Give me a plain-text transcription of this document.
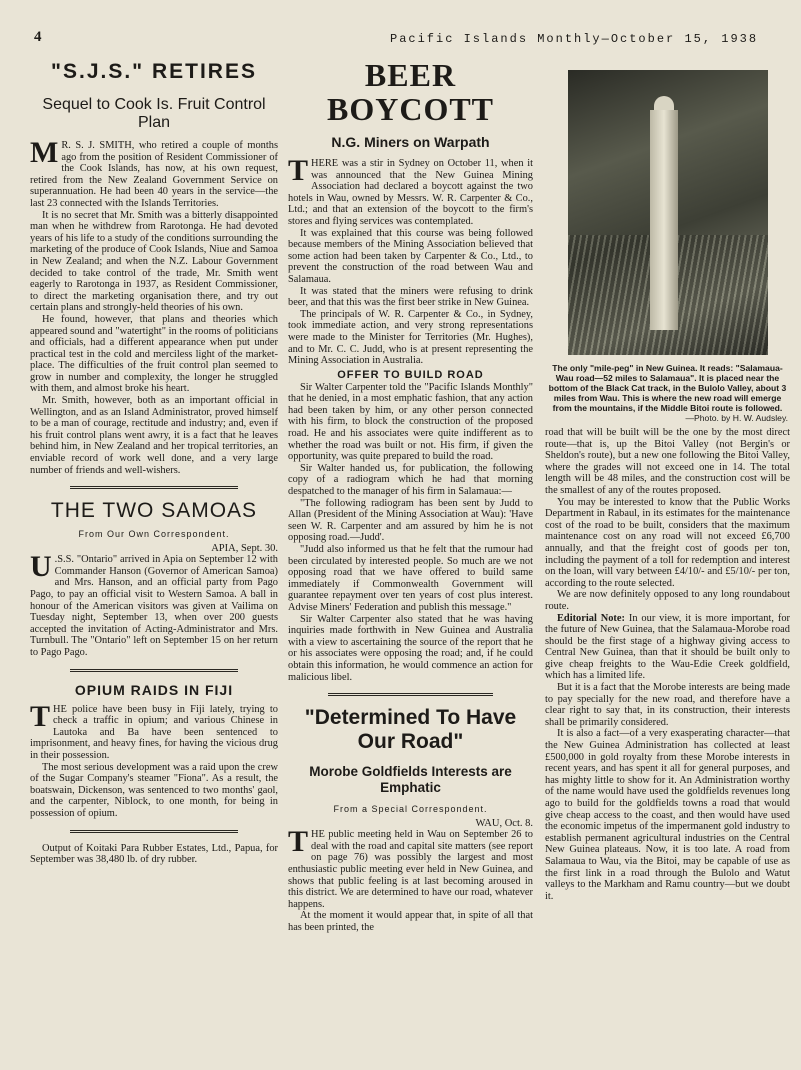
4	Pacific Islands Monthly—October 15, 1938
"S.J.S." RETIRES
Sequel to Cook Is. Fruit Control Plan

M R. S. J. SMITH, who retired a couple of months ago from the position of Resident Commissioner of the Cook Islands, has now, at his own request, retired from the New Zealand Government Service on superannuation. He had been 40 years in the service—the last 23 connected with the Islands Territories.

It is no secret that Mr. Smith was a bitterly disappointed man when he withdrew from Rarotonga. He had devoted years of his life to a study of the conditions surrounding the marketing of the produce of Cook Islands, Niue and Samoa in New Zealand; and when the N.Z. Labour Government decided to take control of the trade, Mr. Smith went eagerly to Rarotonga in 1937, as Resident Commissioner, to direct the marketing organisation there, and try out certain plans and strongly-held theories of his own.

He found, however, that plans and theories which appeared sound and "watertight" in the rooms of politicians and officials, had a different appearance when put under practical test in the cold and merciless light of the market-place. The difficulties of the fruit control plan seemed to grow in number and complexity, the longer he struggled with them, and almost broke his heart.

Mr. Smith, however, both as an important official in Wellington, and as an Island Administrator, proved himself to be a man of courage, rectitude and industry; and, even if his fruit control plans went awry, it is a fact that he leaves behind him, in New Zealand and her tropical territories, an enviable record of work well done, and a very large number of friends and well-wishers.

THE TWO SAMOAS
From Our Own Correspondent.
APIA, Sept. 30.

U .S.S. "Ontario" arrived in Apia on September 12 with Commander Hanson (Governor of American Samoa) and Mrs. Hanson, and an official party from Pago Pago, to pay an official visit to Western Samoa. A ball in honour of the American visitors was given at Vailima on Tuesday night, September 13, when over 200 guests accepted the invitation of Acting-Administrator and Mrs. Turnbull. The "Ontario" left on September 15 on her return to Pago Pago.

OPIUM RAIDS IN FIJI

THE police have been busy in Fiji lately, trying to check a traffic in opium; and various Chinese in Lautoka and Ba have been sentenced to imprisonment, and heavy fines, for having the vicious drug in their possession.

The most serious development was a raid upon the crew of the Sugar Company's steamer "Fiona". As a result, the boatswain, Dickenson, was sentenced to two months' gaol, and the carpenter, Niblock, to one month, for being in possession of opium.

Output of Koitaki Para Rubber Estates, Ltd., Papua, for September was 38,480 lb. of dry rubber.

BEER BOYCOTT
N.G. Miners on Warpath

THERE was a stir in Sydney on October 11, when it was announced that the New Guinea Mining Association had declared a boycott against the two hotels in Wau, owned by Messrs. W. R. Carpenter & Co., Ltd.; and that an extension of the boycott to the firm's stores and flying services was contemplated.

It was explained that this course was being followed because members of the Mining Association believed that some action had been taken by Carpenter & Co., Ltd., to prevent the construction of the road between Wau and Salamaua.

It was stated that the miners were refusing to drink beer, and that this was the first beer strike in New Guinea.

The principals of W. R. Carpenter & Co., in Sydney, took immediate action, and very strong representations were made to the Minister for Territories (Mr. Hughes), and to Mr. C. C. Judd, who is at present representing the Mining Association in Australia.

OFFER TO BUILD ROAD

Sir Walter Carpenter told the "Pacific Islands Monthly" that he denied, in a most emphatic fashion, that any action had been taken by him, or any other person connected with his firm, to block the construction of the proposed road. He and his associates were quite indifferent as to whether the road was built or not. His firm, if given the opportunity, was quite prepared to build the road.

Sir Walter handed us, for publication, the following copy of a radiogram which he had that morning despatched to the manager of his firm in Salamaua:—

"The following radiogram has been sent by Judd to Allan (President of the Mining Association at Wau): 'Have seen W. R. Carpenter and am assured by him he is not opposing road.—Judd'.

"Judd also informed us that he felt that the rumour had been circulated by interested people. So much are we not opposing road that we have offered to build same immediately if Commonwealth Government will guarantee repayment over ten years of cost plus interest. Advise Miners' Federation and publish this message."

Sir Walter Carpenter also stated that he was having inquiries made forthwith in New Guinea and Australia with a view to ascertaining the source of the report that he or his associates were opposing the road; and, if he could obtain this information, he would commence an action for malicious libel.

"Determined To Have Our Road"
Morobe Goldfields Interests are Emphatic
From a Special Correspondent.
WAU, Oct. 8.

THE public meeting held in Wau on September 26 to deal with the road and capital site matters (see report on page 76) was possibly the largest and most enthusiastic public meeting ever held in New Guinea, and shows that public feeling is at last becoming aroused in this district. We are determined to have our road, whatever happens.

At the moment it would appear that, in spite of all that has been printed, the

The only "mile-peg" in New Guinea. It reads: "Salamaua-Wau road—52 miles to Salamaua". It is placed near the bottom of the Black Cat track, in the Bulolo Valley, about 3 miles from Wau. This is where the new road will emerge from the mountains, if the Middle Bitoi route is followed.
—Photo. by H. W. Audsley.

road that will be built will be the one by the most direct route—that is, up the Bitoi Valley (not Bergin's or Sheldon's route), but a new one following the Bitoi Valley, where the grades will not exceed one in 14. The total length will be 48 miles, and the construction cost will be the smallest of any of the routes proposed.

You may be interested to know that the Public Works Department in Rabaul, in its estimates for the maintenance cost of the road to be built, considers that the maximum maintenance cost on any road will not exceed £6,700 annually, and that the freight cost of goods per ton, including the payment of a toll for redemption and interest on the loan, will vary between £4/10/- and £5/10/- per ton, according to the route selected.

We are now definitely opposed to any long roundabout route.

Editorial Note: In our view, it is more important, for the future of New Guinea, that the Salamaua-Morobe road should be the first stage of a highway giving access to Central New Guinea, than that it should be built only to give cheap freights to the Wau-Edie Creek goldfield, which has a limited life.

But it is a fact that the Morobe interests are being made to pay specially for the new road, and therefore have a clear right to say that, in its construction, their interests shall be primarily considered.

It is also a fact—of a very exasperating character—that the New Guinea Administration has collected at least £500,000 in gold royalty from these Morobe interests in recent years, and has spent it all for general purposes, and has mighty little to show for it. An Administration worthy of the name would have used the goldfields revenues long ago to build for the goldfields towns a road that would give cheap access to the coast, and then would have used the economic impetus of the impermanent gold industry to establish permanent agricultural industries on the Central New Guinea plateaus. Now, it is too late. A road from Salamaua to Wau, via the Bitoi, may be capable of use as the first link in a road through the Bulolo and Watut valleys to the Markham and Ramu country—but we doubt it.
